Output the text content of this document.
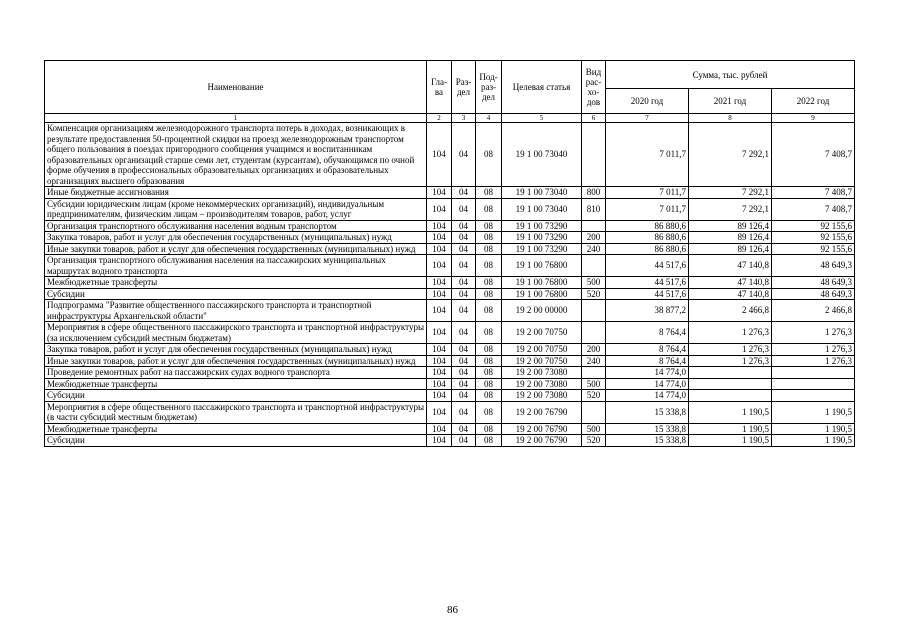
Наименование	Гла-ва	Раз-дел	Под-раз-дел	Целевая статья	Вид рас-хо-дов	Сумма, тыс. рублей		
						2020 год	2021 год	2022 год
1	2	3	4	5	6	7	8	9
Компенсация организациям железнодорожного транспорта потерь в доходах, возникающих в результате предоставления 50-процентной скидки на проезд железнодорожным транспортом общего пользования в поездах пригородного сообщения учащимся и воспитанникам образовательных организаций старше семи лет, студентам (курсантам), обучающимся по очной форме обучения в профессиональных образовательных организациях и образовательных организациях высшего образования	104	04	08	19 1 00 73040		7 011,7	7 292,1	7 408,7
Иные бюджетные ассигнования	104	04	08	19 1 00 73040	800	7 011,7	7 292,1	7 408,7
Субсидии юридическим лицам (кроме некоммерческих организаций), индивидуальным предпринимателям, физическим лицам – производителям товаров, работ, услуг	104	04	08	19 1 00 73040	810	7 011,7	7 292,1	7 408,7
Организация транспортного обслуживания населения водным транспортом	104	04	08	19 1 00 73290		86 880,6	89 126,4	92 155,6
Закупка товаров, работ и услуг для обеспечения государственных (муниципальных) нужд	104	04	08	19 1 00 73290	200	86 880,6	89 126,4	92 155,6
Иные закупки товаров, работ и услуг для обеспечения государственных (муниципальных) нужд	104	04	08	19 1 00 73290	240	86 880,6	89 126,4	92 155,6
Организация транспортного обслуживания населения на пассажирских муниципальных маршрутах водного транспорта	104	04	08	19 1 00 76800		44 517,6	47 140,8	48 649,3
Межбюджетные трансферты	104	04	08	19 1 00 76800	500	44 517,6	47 140,8	48 649,3
Субсидии	104	04	08	19 1 00 76800	520	44 517,6	47 140,8	48 649,3
Подпрограмма "Развитие общественного пассажирского транспорта и транспортной инфраструктуры Архангельской области"	104	04	08	19 2 00 00000		38 877,2	2 466,8	2 466,8
Мероприятия в сфере общественного пассажирского транспорта и транспортной инфраструктуры (за исключением субсидий местным бюджетам)	104	04	08	19 2 00 70750		8 764,4	1 276,3	1 276,3
Закупка товаров, работ и услуг для обеспечения государственных (муниципальных) нужд	104	04	08	19 2 00 70750	200	8 764,4	1 276,3	1 276,3
Иные закупки товаров, работ и услуг для обеспечения государственных (муниципальных) нужд	104	04	08	19 2 00 70750	240	8 764,4	1 276,3	1 276,3
Проведение ремонтных работ на пассажирских судах водного транспорта	104	04	08	19 2 00 73080		14 774,0		
Межбюджетные трансферты	104	04	08	19 2 00 73080	500	14 774,0		
Субсидии	104	04	08	19 2 00 73080	520	14 774,0		
Мероприятия в сфере общественного пассажирского транспорта и транспортной инфраструктуры (в части субсидий местным бюджетам)	104	04	08	19 2 00 76790		15 338,8	1 190,5	1 190,5
Межбюджетные трансферты	104	04	08	19 2 00 76790	500	15 338,8	1 190,5	1 190,5
Субсидии	104	04	08	19 2 00 76790	520	15 338,8	1 190,5	1 190,5
86
